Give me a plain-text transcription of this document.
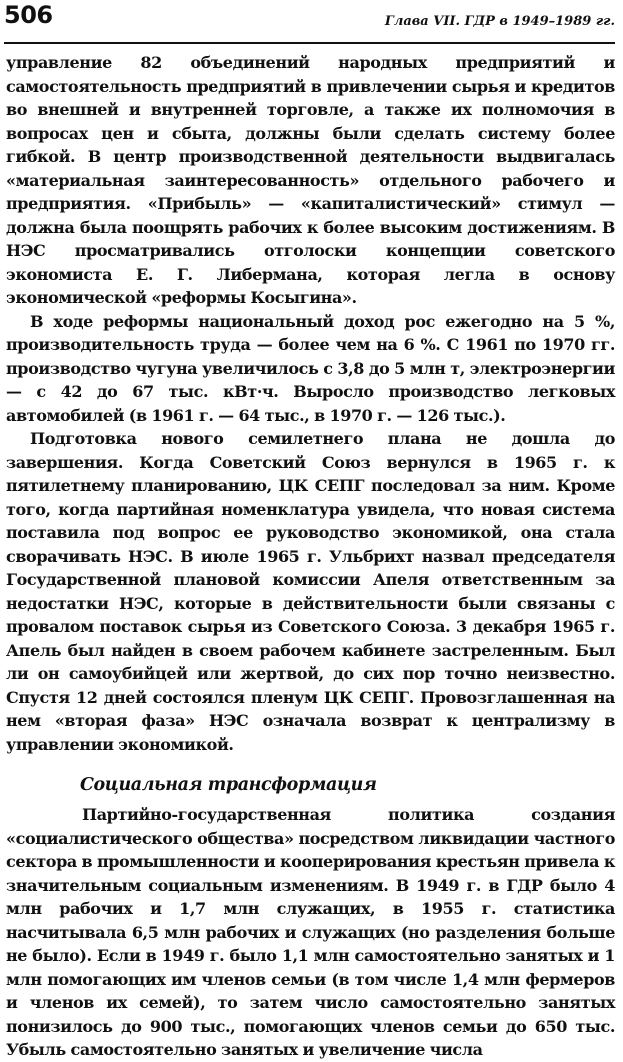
506	Глава VII. ГДР в 1949–1989 гг.

управление 82 объединений народных предприятий и самостоятельность предприятий в привлечении сырья и кредитов во внешней и внутренней торговле, а также их полномочия в вопросах цен и сбыта, должны были сделать систему более гибкой. В центр производственной деятельности выдвигалась «материальная заинтересованность» отдельного рабочего и предприятия. «Прибыль» — «капиталистический» стимул — должна была поощрять рабочих к более высоким достижениям. В НЭС просматривались отголоски концепции советского экономиста Е. Г. Либермана, которая легла в основу экономической «реформы Косыгина».

В ходе реформы национальный доход рос ежегодно на 5 %, производительность труда — более чем на 6 %. С 1961 по 1970 гг. производство чугуна увеличилось с 3,8 до 5 млн т, электроэнергии — с 42 до 67 тыс. кВт·ч. Выросло производство легковых автомобилей (в 1961 г. — 64 тыс., в 1970 г. — 126 тыс.).

Подготовка нового семилетнего плана не дошла до завершения. Когда Советский Союз вернулся в 1965 г. к пятилетнему планированию, ЦК СЕПГ последовал за ним. Кроме того, когда партийная номенклатура увидела, что новая система поставила под вопрос ее руководство экономикой, она стала сворачивать НЭС. В июле 1965 г. Ульбрихт назвал председателя Государственной плановой комиссии Апеля ответственным за недостатки НЭС, которые в действительности были связаны с провалом поставок сырья из Советского Союза. 3 декабря 1965 г. Апель был найден в своем рабочем кабинете застреленным. Был ли он самоубийцей или жертвой, до сих пор точно неизвестно. Спустя 12 дней состоялся пленум ЦК СЕПГ. Провозглашенная на нем «вторая фаза» НЭС означала возврат к централизму в управлении экономикой.

Социальная трансформация

Партийно-государственная политика создания «социалистического общества» посредством ликвидации частного сектора в промышленности и кооперирования крестьян привела к значительным социальным изменениям. В 1949 г. в ГДР было 4 млн рабочих и 1,7 млн служащих, в 1955 г. статистика насчитывала 6,5 млн рабочих и служащих (но разделения больше не было). Если в 1949 г. было 1,1 млн самостоятельно занятых и 1 млн помогающих им членов семьи (в том числе 1,4 млн фермеров и членов их семей), то затем число самостоятельно занятых понизилось до 900 тыс., помогающих членов семьи до 650 тыс. Убыль самостоятельно занятых и увеличение числа
